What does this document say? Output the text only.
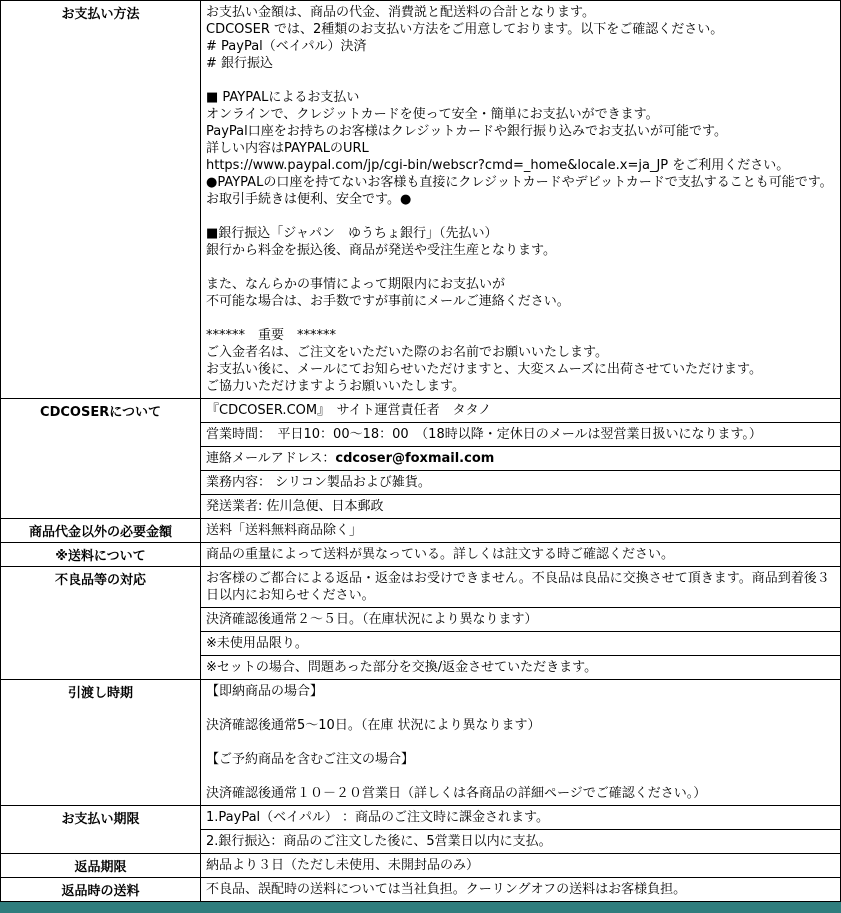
お支払い方法	お支払い金額は、商品の代金、消費説と配送料の合計となります。
CDCOSER では、2種類のお支払い方法をご用意しております。以下をご確認ください。
# PayPal（ベイパル）決済
# 銀行振込

■ PAYPALによるお支払い
オンラインで、クレジットカードを使って安全・簡単にお支払いができます。
PayPal口座をお持ちのお客様はクレジットカードや銀行振り込みでお支払いが可能です。
詳しい内容はPAYPALのURL
https://www.paypal.com/jp/cgi-bin/webscr?cmd=_home&locale.x=ja_JP をご利用ください。
●PAYPALの口座を持てないお客様も直接にクレジットカードやデビットカードで支払することも可能です。
お取引手続きは便利、安全です。●

■銀行振込「ジャパン　ゆうちょ銀行」（先払い）
銀行から料金を振込後、商品が発送や受注生産となります。

また、なんらかの事情によって期限内にお支払いが
不可能な場合は、お手数ですが事前にメールご連絡ください。

******　重要　******
ご入金者名は、ご注文をいただいた際のお名前でお願いいたします。
お支払い後に、メールにてお知らせいただけますと、大変スムーズに出荷させていただけます。
ご協力いただけますようお願いいたします。

CDCOSERについて	『CDCOSER.COM』　サイト運営責任者　タタノ

	営業時間：　平日10：00～18：00　（18時以降・定休日のメールは翌営業日扱いになります。）

	連絡メールアドレス：cdcoser@foxmail.com

	業務内容： シリコン製品および雑貨。

	発送業者: 佐川急便、日本郵政

商品代金以外の必要金額	送料「送料無料商品除く」

※送料について	商品の重量によって送料が異なっている。詳しくは註文する時ご確認ください。

不良品等の対応	お客様のご都合による返品・返金はお受けできません。不良品は良品に交換させて頂きます。商品到着後３日以内にお知らせください。

	決済確認後通常２～５日。（在庫状況により異なります）

	※未使用品限り。

	※セットの場合、問題あった部分を交換/返金させていただきます。

引渡し時期	【即納商品の場合】

決済確認後通常5～10日。（在庫 状況により異なります）

【ご予約商品を含むご注文の場合】

決済確認後通常１０－２０営業日（詳しくは各商品の詳細ページでご確認ください。）

お支払い期限	1.PayPal（ベイパル） ：商品のご注文時に課金されます。

	2.銀行振込：商品のご注文した後に、5営業日以内に支払。

返品期限	納品より３日（ただし未使用、未開封品のみ）

返品時の送料	不良品、誤配時の送料については当社負担。クーリングオフの送料はお客様負担。
